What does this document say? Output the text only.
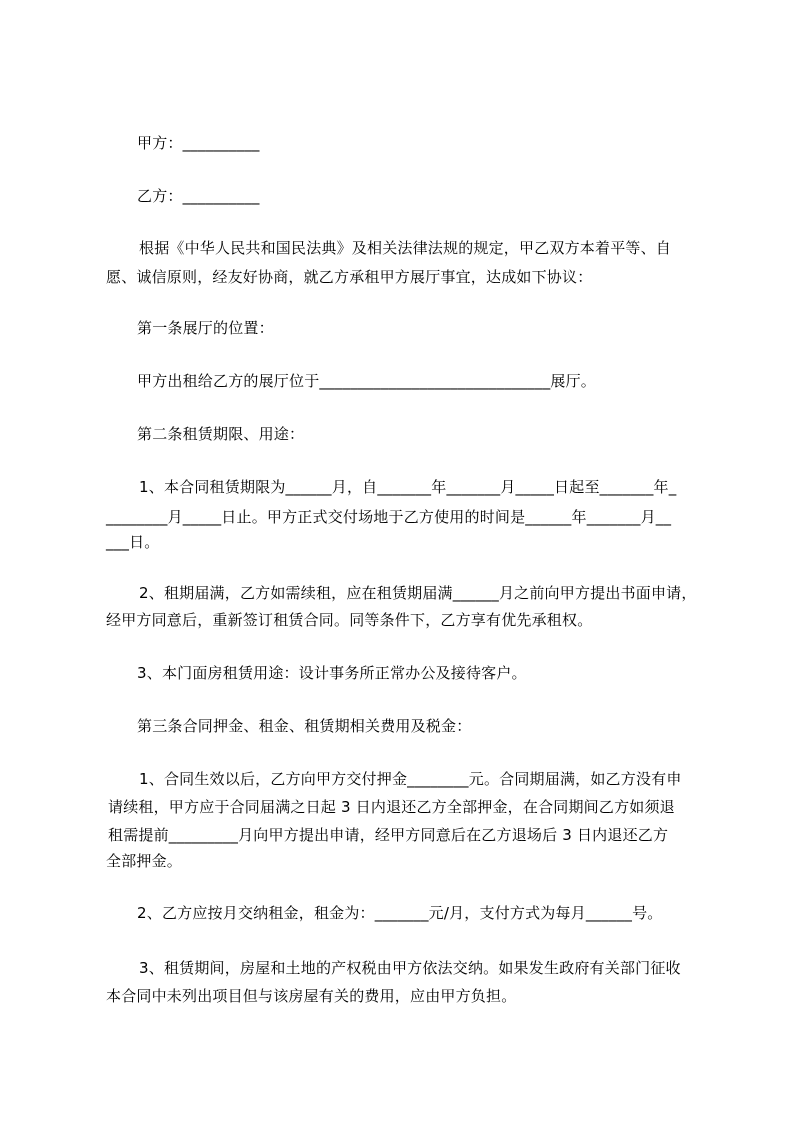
甲方：__________
乙方：__________
根据《中华人民共和国民法典》及相关法律法规的规定，甲乙双方本着平等、自
愿、诚信原则，经友好协商，就乙方承租甲方展厅事宜，达成如下协议：
第一条展厅的位置：
甲方出租给乙方的展厅位于______________________________展厅。
第二条租赁期限、用途：
1、本合同租赁期限为______月，自_______年_______月_____日起至_______年_
________月_____日止。甲方正式交付场地于乙方使用的时间是______年_______月__
___日。
2、租期届满，乙方如需续租，应在租赁期届满______月之前向甲方提出书面申请，
经甲方同意后，重新签订租赁合同。同等条件下，乙方享有优先承租权。
3、本门面房租赁用途：设计事务所正常办公及接待客户。
第三条合同押金、租金、租赁期相关费用及税金：
1、合同生效以后，乙方向甲方交付押金________元。合同期届满，如乙方没有申
请续租，甲方应于合同届满之日起 3 日内退还乙方全部押金，在合同期间乙方如须退
租需提前_________月向甲方提出申请，经甲方同意后在乙方退场后 3 日内退还乙方
全部押金。
2、乙方应按月交纳租金，租金为：_______元/月，支付方式为每月______号。
3、租赁期间，房屋和土地的产权税由甲方依法交纳。如果发生政府有关部门征收
本合同中未列出项目但与该房屋有关的费用，应由甲方负担。
